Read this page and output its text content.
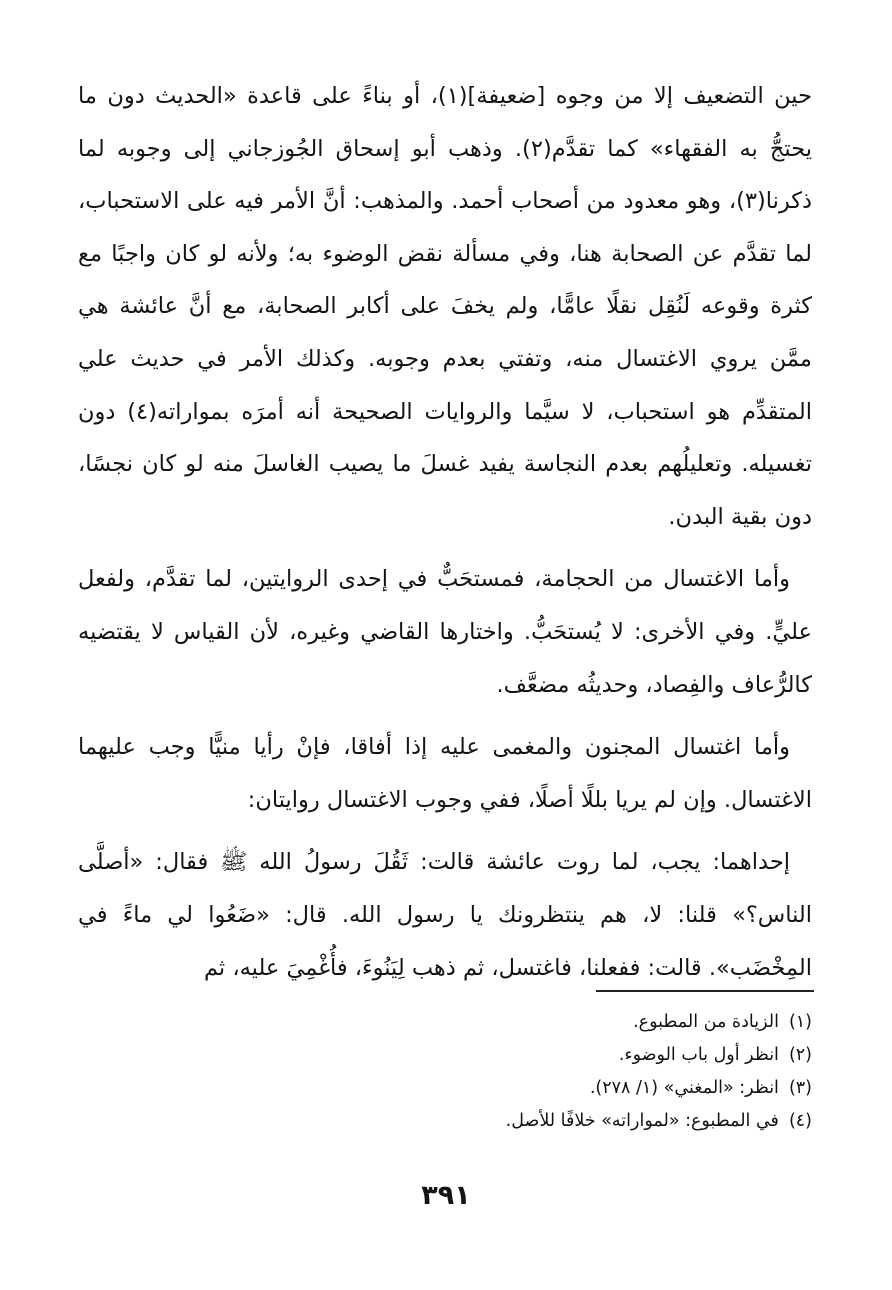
حين التضعيف إلا من وجوه [ضعيفة](١)، أو بناءً على قاعدة «الحديث دون ما يحتجُّ به الفقهاء» كما تقدَّم(٢). وذهب أبو إسحاق الجُوزجاني إلى وجوبه لما ذكرنا(٣)، وهو معدود من أصحاب أحمد. والمذهب: أنَّ الأمر فيه على الاستحباب، لما تقدَّم عن الصحابة هنا، وفي مسألة نقض الوضوء به؛ ولأنه لو كان واجبًا مع كثرة وقوعه لَنُقِل نقلًا عامًّا، ولم يخفَ على أكابر الصحابة، مع أنَّ عائشة هي ممَّن يروي الاغتسال منه، وتفتي بعدم وجوبه. وكذلك الأمر في حديث علي المتقدِّم هو استحباب، لا سيَّما والروايات الصحيحة أنه أمرَه بمواراته(٤) دون تغسيله. وتعليلُهم بعدم النجاسة يفيد غسلَ ما يصيب الغاسلَ منه لو كان نجسًا، دون بقية البدن.

وأما الاغتسال من الحجامة، فمستحَبٌّ في إحدى الروايتين، لما تقدَّم، ولفعل عليٍّ. وفي الأخرى: لا يُستحَبُّ. واختارها القاضي وغيره، لأن القياس لا يقتضيه كالرُّعاف والفِصاد، وحديثُه مضعَّف.

وأما اغتسال المجنون والمغمى عليه إذا أفاقا، فإنْ رأيا منيًّا وجب عليهما الاغتسال. وإن لم يريا بللًا أصلًا، ففي وجوب الاغتسال روايتان:

إحداهما: يجب، لما روت عائشة قالت: ثَقُلَ رسولُ الله ﷺ فقال: «أصلَّى الناس؟» قلنا: لا، هم ينتظرونك يا رسول الله. قال: «ضَعُوا لي ماءً في المِخْضَب». قالت: ففعلنا، فاغتسل، ثم ذهب لِيَنُوءَ، فأُغْمِيَ عليه، ثم

(١)الزيادة من المطبوع.
(٢)انظر أول باب الوضوء.
(٣)انظر: «المغني» (١/ ٢٧٨).
(٤)في المطبوع: «لمواراته» خلافًا للأصل.
٣٩١
